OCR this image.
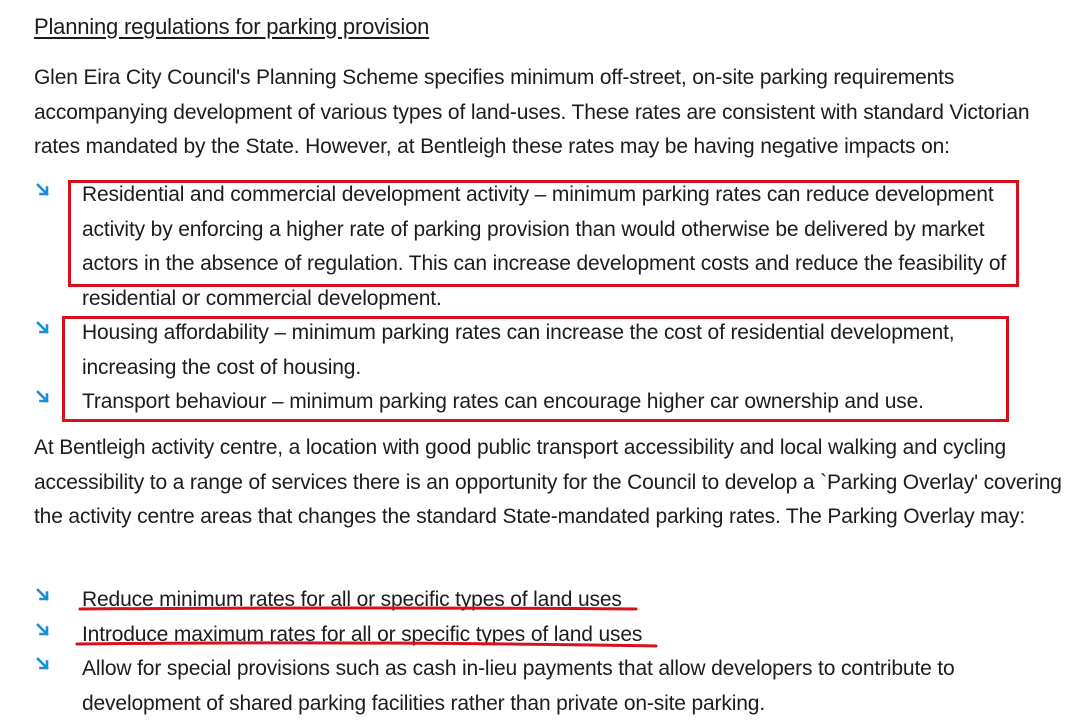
Planning regulations for parking provision

Glen Eira City Council's Planning Scheme specifies minimum off-street, on-site parking requirements accompanying development of various types of land-uses. These rates are consistent with standard Victorian rates mandated by the State. However, at Bentleigh these rates may be having negative impacts on:

Residential and commercial development activity – minimum parking rates can reduce development activity by enforcing a higher rate of parking provision than would otherwise be delivered by market actors in the absence of regulation. This can increase development costs and reduce the feasibility of residential or commercial development.
Housing affordability – minimum parking rates can increase the cost of residential development, increasing the cost of housing.
Transport behaviour – minimum parking rates can encourage higher car ownership and use.

At Bentleigh activity centre, a location with good public transport accessibility and local walking and cycling accessibility to a range of services there is an opportunity for the Council to develop a `Parking Overlay' covering the activity centre areas that changes the standard State-mandated parking rates. The Parking Overlay may:

Reduce minimum rates for all or specific types of land uses
Introduce maximum rates for all or specific types of land uses
Allow for special provisions such as cash in-lieu payments that allow developers to contribute to development of shared parking facilities rather than private on-site parking.
